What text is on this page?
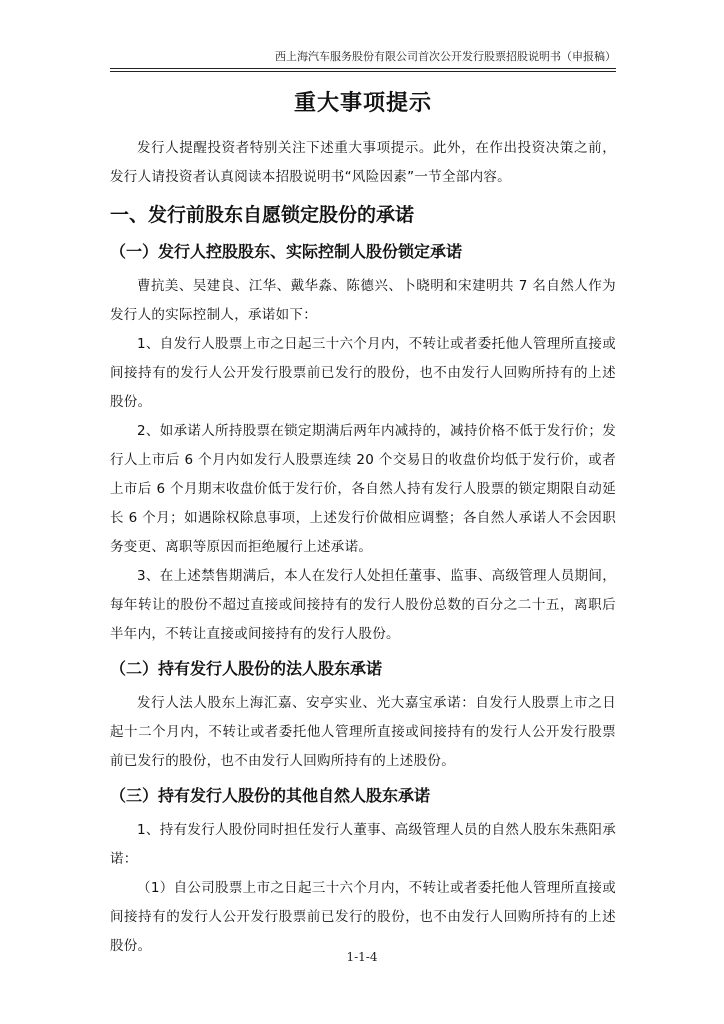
西上海汽车服务股份有限公司首次公开发行股票招股说明书（申报稿）
重大事项提示

发行人提醒投资者特别关注下述重大事项提示。此外，在作出投资决策之前，发行人请投资者认真阅读本招股说明书“风险因素”一节全部内容。

一、发行前股东自愿锁定股份的承诺
（一）发行人控股股东、实际控制人股份锁定承诺

曹抗美、吴建良、江华、戴华淼、陈德兴、卜晓明和宋建明共 7 名自然人作为发行人的实际控制人，承诺如下：

1、自发行人股票上市之日起三十六个月内，不转让或者委托他人管理所直接或间接持有的发行人公开发行股票前已发行的股份，也不由发行人回购所持有的上述股份。

2、如承诺人所持股票在锁定期满后两年内减持的，减持价格不低于发行价；发行人上市后 6 个月内如发行人股票连续 20 个交易日的收盘价均低于发行价，或者上市后 6 个月期末收盘价低于发行价，各自然人持有发行人股票的锁定期限自动延长 6 个月；如遇除权除息事项，上述发行价做相应调整；各自然人承诺人不会因职务变更、离职等原因而拒绝履行上述承诺。

3、在上述禁售期满后，本人在发行人处担任董事、监事、高级管理人员期间，每年转让的股份不超过直接或间接持有的发行人股份总数的百分之二十五，离职后半年内，不转让直接或间接持有的发行人股份。

（二）持有发行人股份的法人股东承诺

发行人法人股东上海汇嘉、安亭实业、光大嘉宝承诺：自发行人股票上市之日起十二个月内，不转让或者委托他人管理所直接或间接持有的发行人公开发行股票前已发行的股份，也不由发行人回购所持有的上述股份。

（三）持有发行人股份的其他自然人股东承诺

1、持有发行人股份同时担任发行人董事、高级管理人员的自然人股东朱燕阳承诺：

（1）自公司股票上市之日起三十六个月内，不转让或者委托他人管理所直接或间接持有的发行人公开发行股票前已发行的股份，也不由发行人回购所持有的上述股份。

1-1-4
